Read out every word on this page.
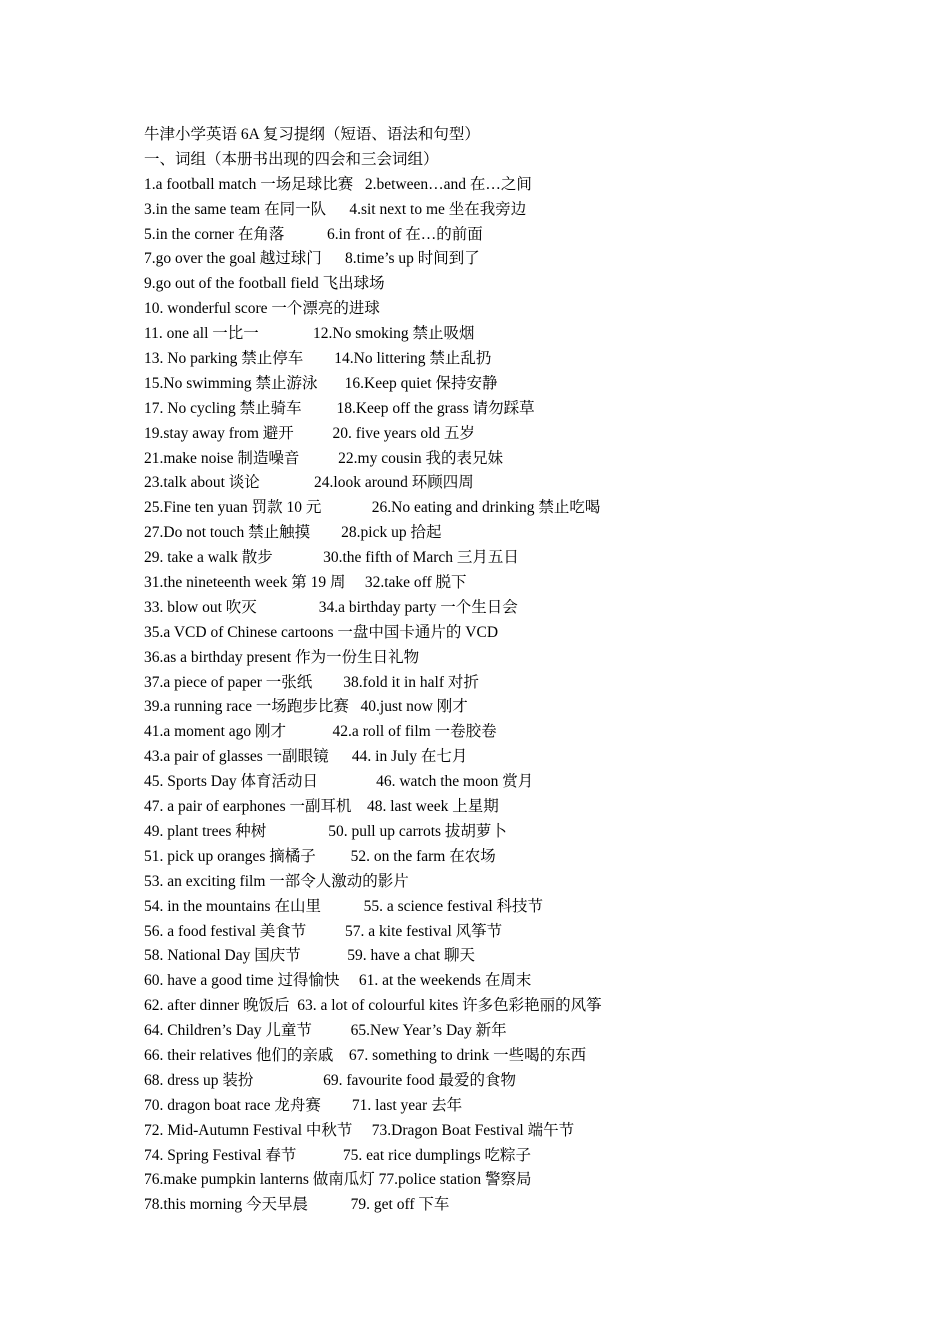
牛津小学英语 6A 复习提纲（短语、语法和句型）
一、词组（本册书出现的四会和三会词组）
1.a football match 一场足球比赛   2.between…and 在…之间
3.in the same team 在同一队      4.sit next to me 坐在我旁边
5.in the corner 在角落           6.in front of 在…的前面
7.go over the goal 越过球门      8.time’s up 时间到了
9.go out of the football field 飞出球场
10. wonderful score 一个漂亮的进球
11. one all 一比一              12.No smoking 禁止吸烟
13. No parking 禁止停车        14.No littering 禁止乱扔
15.No swimming 禁止游泳       16.Keep quiet 保持安静
17. No cycling 禁止骑车         18.Keep off the grass 请勿踩草
19.stay away from 避开          20. five years old 五岁
21.make noise 制造噪音          22.my cousin 我的表兄妹
23.talk about 谈论              24.look around 环顾四周
25.Fine ten yuan 罚款 10 元             26.No eating and drinking 禁止吃喝
27.Do not touch 禁止触摸        28.pick up 拾起
29. take a walk 散步             30.the fifth of March 三月五日
31.the nineteenth week 第 19 周     32.take off 脱下
33. blow out 吹灭                34.a birthday party 一个生日会
35.a VCD of Chinese cartoons 一盘中国卡通片的 VCD
36.as a birthday present 作为一份生日礼物
37.a piece of paper 一张纸        38.fold it in half 对折
39.a running race 一场跑步比赛   40.just now 刚才
41.a moment ago 刚才            42.a roll of film 一卷胶卷
43.a pair of glasses 一副眼镜      44. in July 在七月
45. Sports Day 体育活动日               46. watch the moon 赏月
47. a pair of earphones 一副耳机    48. last week 上星期
49. plant trees 种树                50. pull up carrots 拔胡萝卜
51. pick up oranges 摘橘子         52. on the farm 在农场
53. an exciting film 一部令人激动的影片
54. in the mountains 在山里           55. a science festival 科技节
56. a food festival 美食节          57. a kite festival 风筝节
58. National Day 国庆节            59. have a chat 聊天
60. have a good time 过得愉快     61. at the weekends 在周末
62. after dinner 晚饭后  63. a lot of colourful kites 许多色彩艳丽的风筝
64. Children’s Day 儿童节          65.New Year’s Day 新年
66. their relatives 他们的亲戚    67. something to drink 一些喝的东西
68. dress up 装扮                  69. favourite food 最爱的食物
70. dragon boat race 龙舟赛        71. last year 去年
72. Mid-Autumn Festival 中秋节     73.Dragon Boat Festival 端午节
74. Spring Festival 春节            75. eat rice dumplings 吃粽子
76.make pumpkin lanterns 做南瓜灯 77.police station 警察局
78.this morning 今天早晨           79. get off 下车
